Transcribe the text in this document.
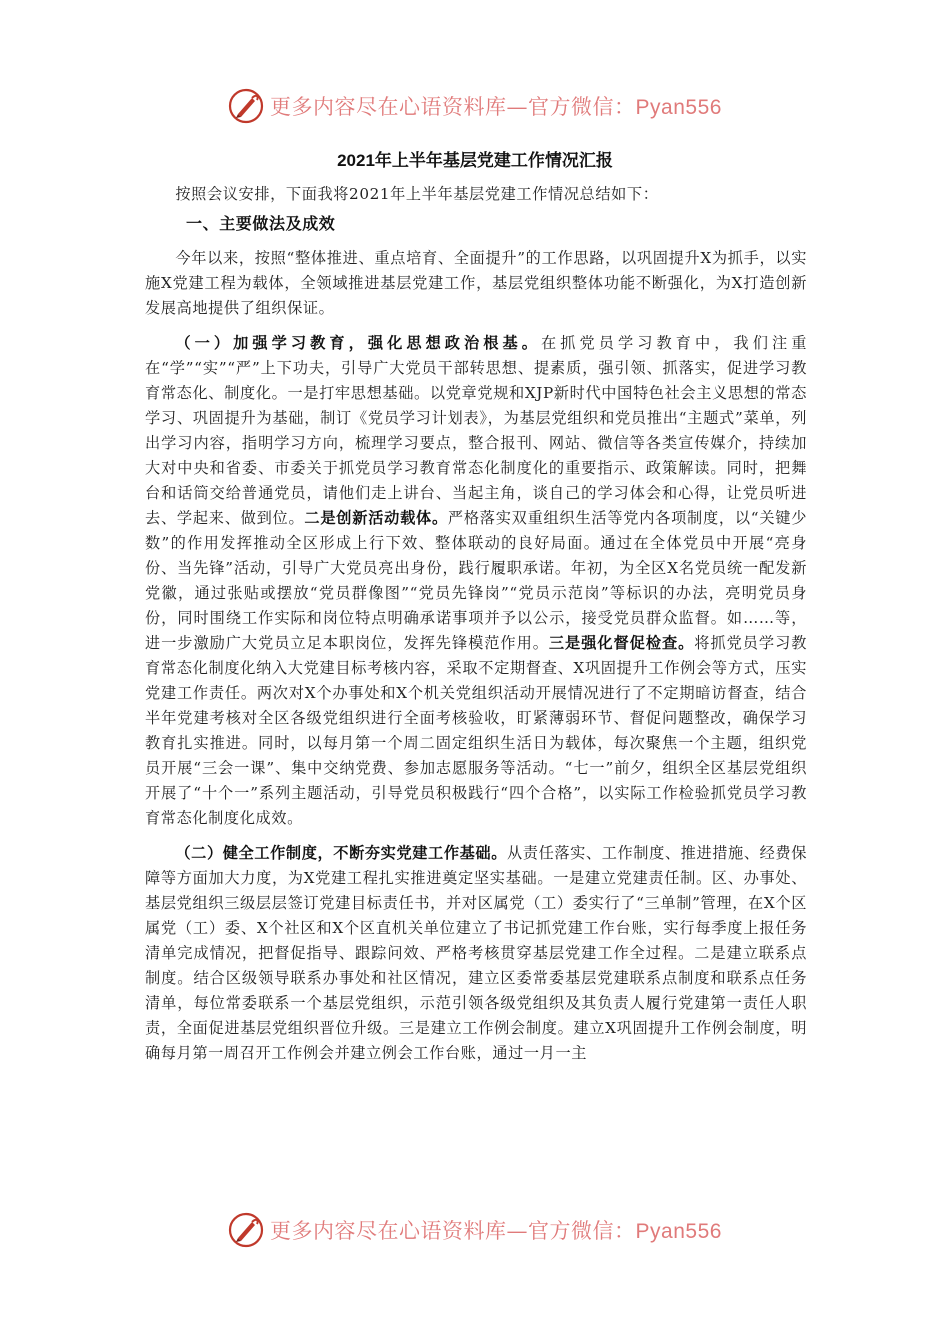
更多内容尽在心语资料库—官方微信：Pyan556
2021年上半年基层党建工作情况汇报

按照会议安排，下面我将2021年上半年基层党建工作情况总结如下：

一、主要做法及成效

今年以来，按照“整体推进、重点培育、全面提升”的工作思路，以巩固提升X为抓手，以实施X党建工程为载体，全领域推进基层党建工作，基层党组织整体功能不断强化，为X打造创新发展高地提供了组织保证。

（一）加强学习教育，强化思想政治根基。在抓党员学习教育中，我们注重在“学”“实”“严”上下功夫，引导广大党员干部转思想、提素质，强引领、抓落实，促进学习教育常态化、制度化。一是打牢思想基础。以党章党规和XJP新时代中国特色社会主义思想的常态学习、巩固提升为基础，制订《党员学习计划表》，为基层党组织和党员推出“主题式”菜单，列出学习内容，指明学习方向，梳理学习要点，整合报刊、网站、微信等各类宣传媒介，持续加大对中央和省委、市委关于抓党员学习教育常态化制度化的重要指示、政策解读。同时，把舞台和话筒交给普通党员，请他们走上讲台、当起主角，谈自己的学习体会和心得，让党员听进去、学起来、做到位。二是创新活动载体。严格落实双重组织生活等党内各项制度，以“关键少数”的作用发挥推动全区形成上行下效、整体联动的良好局面。通过在全体党员中开展“亮身份、当先锋”活动，引导广大党员亮出身份，践行履职承诺。年初，为全区X名党员统一配发新党徽，通过张贴或摆放“党员群像图”“党员先锋岗”“党员示范岗”等标识的办法，亮明党员身份，同时围绕工作实际和岗位特点明确承诺事项并予以公示，接受党员群众监督。如……等，进一步激励广大党员立足本职岗位，发挥先锋模范作用。三是强化督促检查。将抓党员学习教育常态化制度化纳入大党建目标考核内容，采取不定期督查、X巩固提升工作例会等方式，压实党建工作责任。两次对X个办事处和X个机关党组织活动开展情况进行了不定期暗访督查，结合半年党建考核对全区各级党组织进行全面考核验收，盯紧薄弱环节、督促问题整改，确保学习教育扎实推进。同时，以每月第一个周二固定组织生活日为载体，每次聚焦一个主题，组织党员开展“三会一课”、集中交纳党费、参加志愿服务等活动。“七一”前夕，组织全区基层党组织开展了“十个一”系列主题活动，引导党员积极践行“四个合格”，以实际工作检验抓党员学习教育常态化制度化成效。

（二）健全工作制度，不断夯实党建工作基础。从责任落实、工作制度、推进措施、经费保障等方面加大力度，为X党建工程扎实推进奠定坚实基础。一是建立党建责任制。区、办事处、基层党组织三级层层签订党建目标责任书，并对区属党（工）委实行了“三单制”管理，在X个区属党（工）委、X个社区和X个区直机关单位建立了书记抓党建工作台账，实行每季度上报任务清单完成情况，把督促指导、跟踪问效、严格考核贯穿基层党建工作全过程。二是建立联系点制度。结合区级领导联系办事处和社区情况，建立区委常委基层党建联系点制度和联系点任务清单，每位常委联系一个基层党组织，示范引领各级党组织及其负责人履行党建第一责任人职责，全面促进基层党组织晋位升级。三是建立工作例会制度。建立X巩固提升工作例会制度，明确每月第一周召开工作例会并建立例会工作台账，通过一月一主

更多内容尽在心语资料库—官方微信：Pyan556
